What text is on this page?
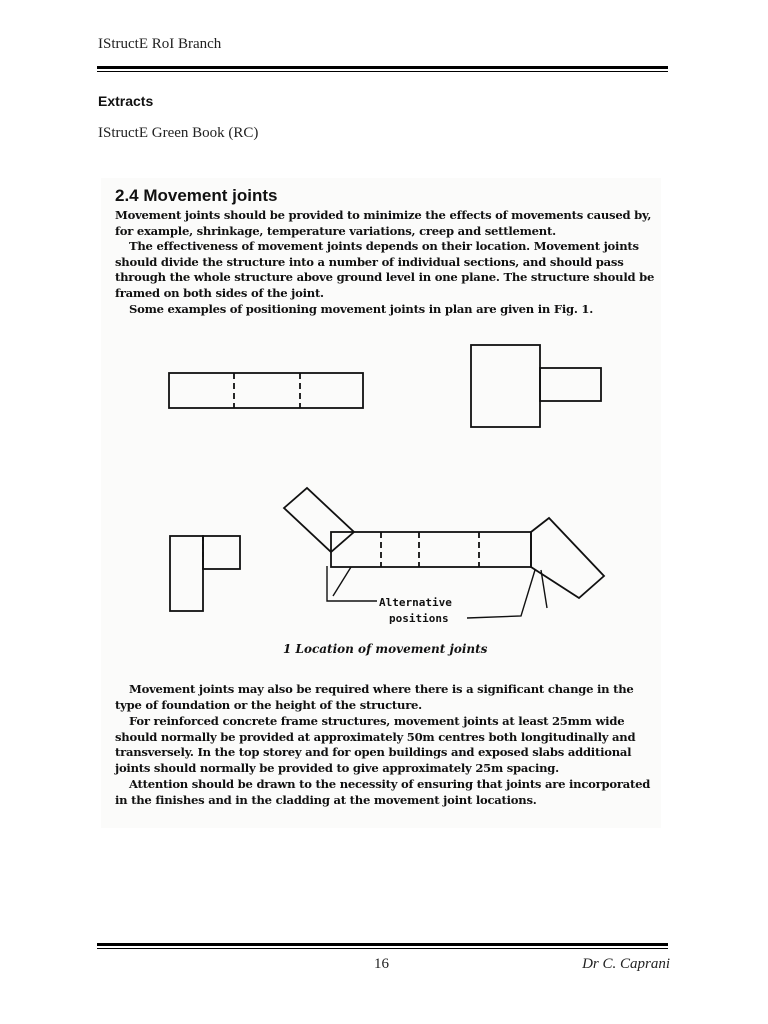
IStructE RoI Branch
Extracts
IStructE Green Book (RC)
2.4 Movement joints

Movement joints should be provided to minimize the effects of movements caused by, for example, shrinkage, temperature variations, creep and settlement.

The effectiveness of movement joints depends on their location. Movement joints should divide the structure into a number of individual sections, and should pass through the whole structure above ground level in one plane. The structure should be framed on both sides of the joint.

Some examples of positioning movement joints in plan are given in Fig. 1.

Alternative
positions
1 Location of movement joints

Movement joints may also be required where there is a significant change in the type of foundation or the height of the structure.

For reinforced concrete frame structures, movement joints at least 25mm wide should normally be provided at approximately 50m centres both longitudinally and transversely. In the top storey and for open buildings and exposed slabs additional joints should normally be provided to give approximately 25m spacing.

Attention should be drawn to the necessity of ensuring that joints are incorporated in the finishes and in the cladding at the movement joint locations.

16	Dr C. Caprani
